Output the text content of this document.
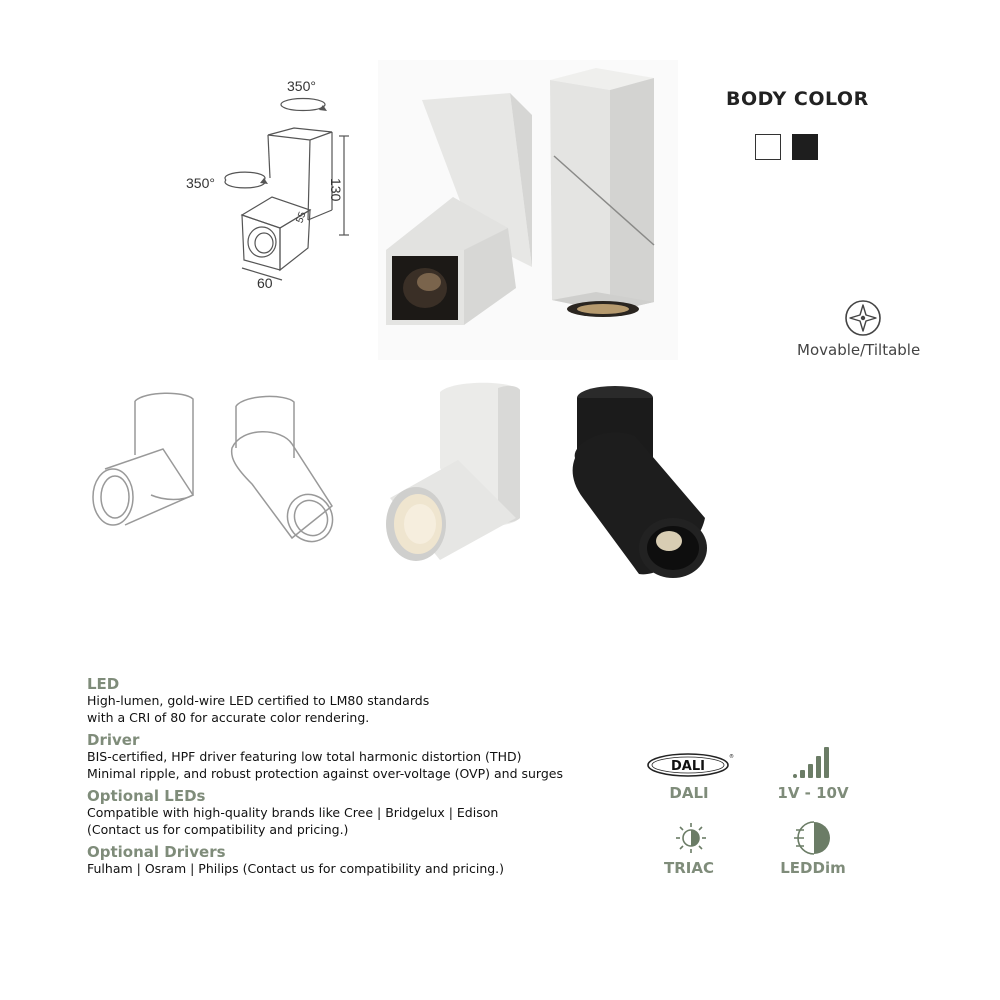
350°
350°	130
60
55
BODY COLOR
Movable/Tiltable
LED
High-lumen, gold-wire LED certified to LM80 standards
with a CRI of 80 for accurate color rendering.
Driver
BIS-certified, HPF driver featuring low total harmonic distortion (THD)
Minimal ripple, and robust protection against over-voltage (OVP) and surges
Optional LEDs
Compatible with high-quality brands like Cree | Bridgelux | Edison
(Contact us for compatibility and pricing.)
Optional Drivers
Fulham | Osram | Philips (Contact us for compatibility and pricing.)
DALI
®
DALI	1V - 10V
TRIAC	LEDDim
